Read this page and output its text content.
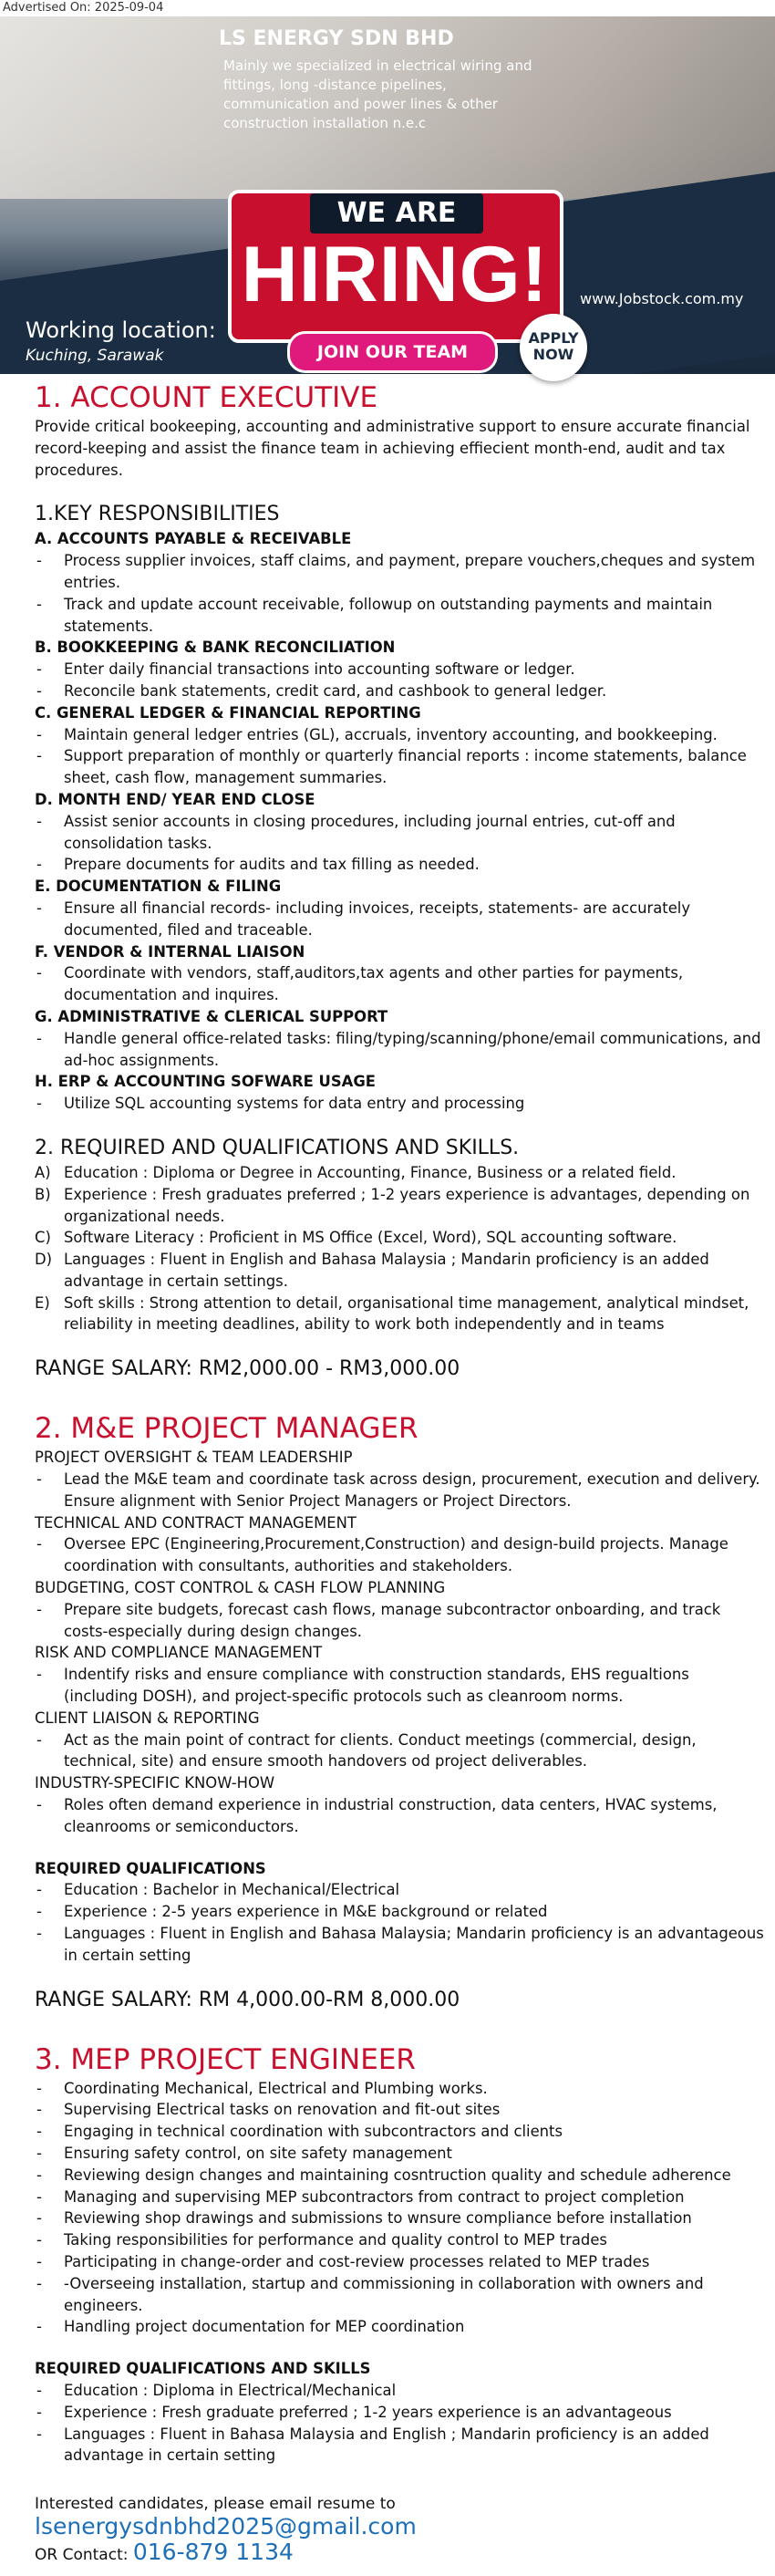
Advertised On: 2025-09-04
LS ENERGY SDN BHD
Mainly we specialized in electrical wiring and fittings, long -distance pipelines, communication and power lines & other construction installation n.e.c
WE ARE
HIRING!
JOIN OUR TEAM
APPLY NOW
www.Jobstock.com.my
Working location:
Kuching, Sarawak
1. ACCOUNT EXECUTIVE

Provide critical bookeeping, accounting and administrative support to ensure accurate financial record-keeping and assist the finance team in achieving effiecient month-end, audit and tax procedures.

1.KEY RESPONSIBILITIES
A. ACCOUNTS PAYABLE & RECEIVABLE
- Process supplier invoices, staff claims, and payment, prepare vouchers,cheques and system entries.
- Track and update account receivable, followup on outstanding payments and maintain statements.
B. BOOKKEEPING & BANK RECONCILIATION
- Enter daily financial transactions into accounting software or ledger.
- Reconcile bank statements, credit card, and cashbook to general ledger.
C. GENERAL LEDGER & FINANCIAL REPORTING
- Maintain general ledger entries (GL), accruals, inventory accounting, and bookkeeping.
- Support preparation of monthly or quarterly financial reports : income statements, balance sheet, cash flow, management summaries.
D. MONTH END/ YEAR END CLOSE
- Assist senior accounts in closing procedures, including journal entries, cut-off and consolidation tasks.
- Prepare documents for audits and tax filling as needed.
E. DOCUMENTATION & FILING
- Ensure all financial records- including invoices, receipts, statements- are accurately documented, filed and traceable.
F. VENDOR & INTERNAL LIAISON
- Coordinate with vendors, staff,auditors,tax agents and other parties for payments, documentation and inquires.
G. ADMINISTRATIVE & CLERICAL SUPPORT
- Handle general office-related tasks: filing/typing/scanning/phone/email communications, and ad-hoc assignments.
H. ERP & ACCOUNTING SOFWARE USAGE
- Utilize SQL accounting systems for data entry and processing
2. REQUIRED AND QUALIFICATIONS AND SKILLS.
A) Education : Diploma or Degree in Accounting, Finance, Business or a related field.
B) Experience : Fresh graduates preferred ; 1-2 years experience is advantages, depending on organizational needs.
C) Software Literacy : Proficient in MS Office (Excel, Word), SQL accounting software.
D) Languages : Fluent in English and Bahasa Malaysia ; Mandarin proficiency is an added advantage in certain settings.
E) Soft skills : Strong attention to detail, organisational time management, analytical mindset, reliability in meeting deadlines, ability to work both independently and in teams
RANGE SALARY: RM2,000.00 - RM3,000.00
2. M&E PROJECT MANAGER
PROJECT OVERSIGHT & TEAM LEADERSHIP
- Lead the M&E team and coordinate task across design, procurement, execution and delivery. Ensure alignment with Senior Project Managers or Project Directors.
TECHNICAL AND CONTRACT MANAGEMENT
- Oversee EPC (Engineering,Procurement,Construction) and design-build projects. Manage coordination with consultants, authorities and stakeholders.
BUDGETING, COST CONTROL & CASH FLOW PLANNING
- Prepare site budgets, forecast cash flows, manage subcontractor onboarding, and track costs-especially during design changes.
RISK AND COMPLIANCE MANAGEMENT
- Indentify risks and ensure compliance with construction standards, EHS regualtions (including DOSH), and project-specific protocols such as cleanroom norms.
CLIENT LIAISON & REPORTING
- Act as the main point of contract for clients. Conduct meetings (commercial, design, technical, site) and ensure smooth handovers od project deliverables.
INDUSTRY-SPECIFIC KNOW-HOW
- Roles often demand experience in industrial construction, data centers, HVAC systems, cleanrooms or semiconductors.
REQUIRED QUALIFICATIONS
- Education : Bachelor in Mechanical/Electrical
- Experience : 2-5 years experience in M&E background or related
- Languages : Fluent in English and Bahasa Malaysia; Mandarin proficiency is an advantageous in certain setting
RANGE SALARY: RM 4,000.00-RM 8,000.00
3. MEP PROJECT ENGINEER
- Coordinating Mechanical, Electrical and Plumbing works.
- Supervising Electrical tasks on renovation and fit-out sites
- Engaging in technical coordination with subcontractors and clients
- Ensuring safety control, on site safety management
- Reviewing design changes and maintaining cosntruction quality and schedule adherence
- Managing and supervising MEP subcontractors from contract to project completion
- Reviewing shop drawings and submissions to wnsure compliance before installation
- Taking responsibilities for performance and quality control to MEP trades
- Participating in change-order and cost-review processes related to MEP trades
- -Overseeing installation, startup and commissioning in collaboration with owners and engineers.
- Handling project documentation for MEP coordination
REQUIRED QUALIFICATIONS AND SKILLS
- Education : Diploma in Electrical/Mechanical
- Experience : Fresh graduate preferred ; 1-2 years experience is an advantageous
- Languages : Fluent in Bahasa Malaysia and English ; Mandarin proficiency is an added advantage in certain setting
Interested candidates, please email resume to lsenergysdnbhd2025@gmail.com
OR Contact: 016-879 1134
